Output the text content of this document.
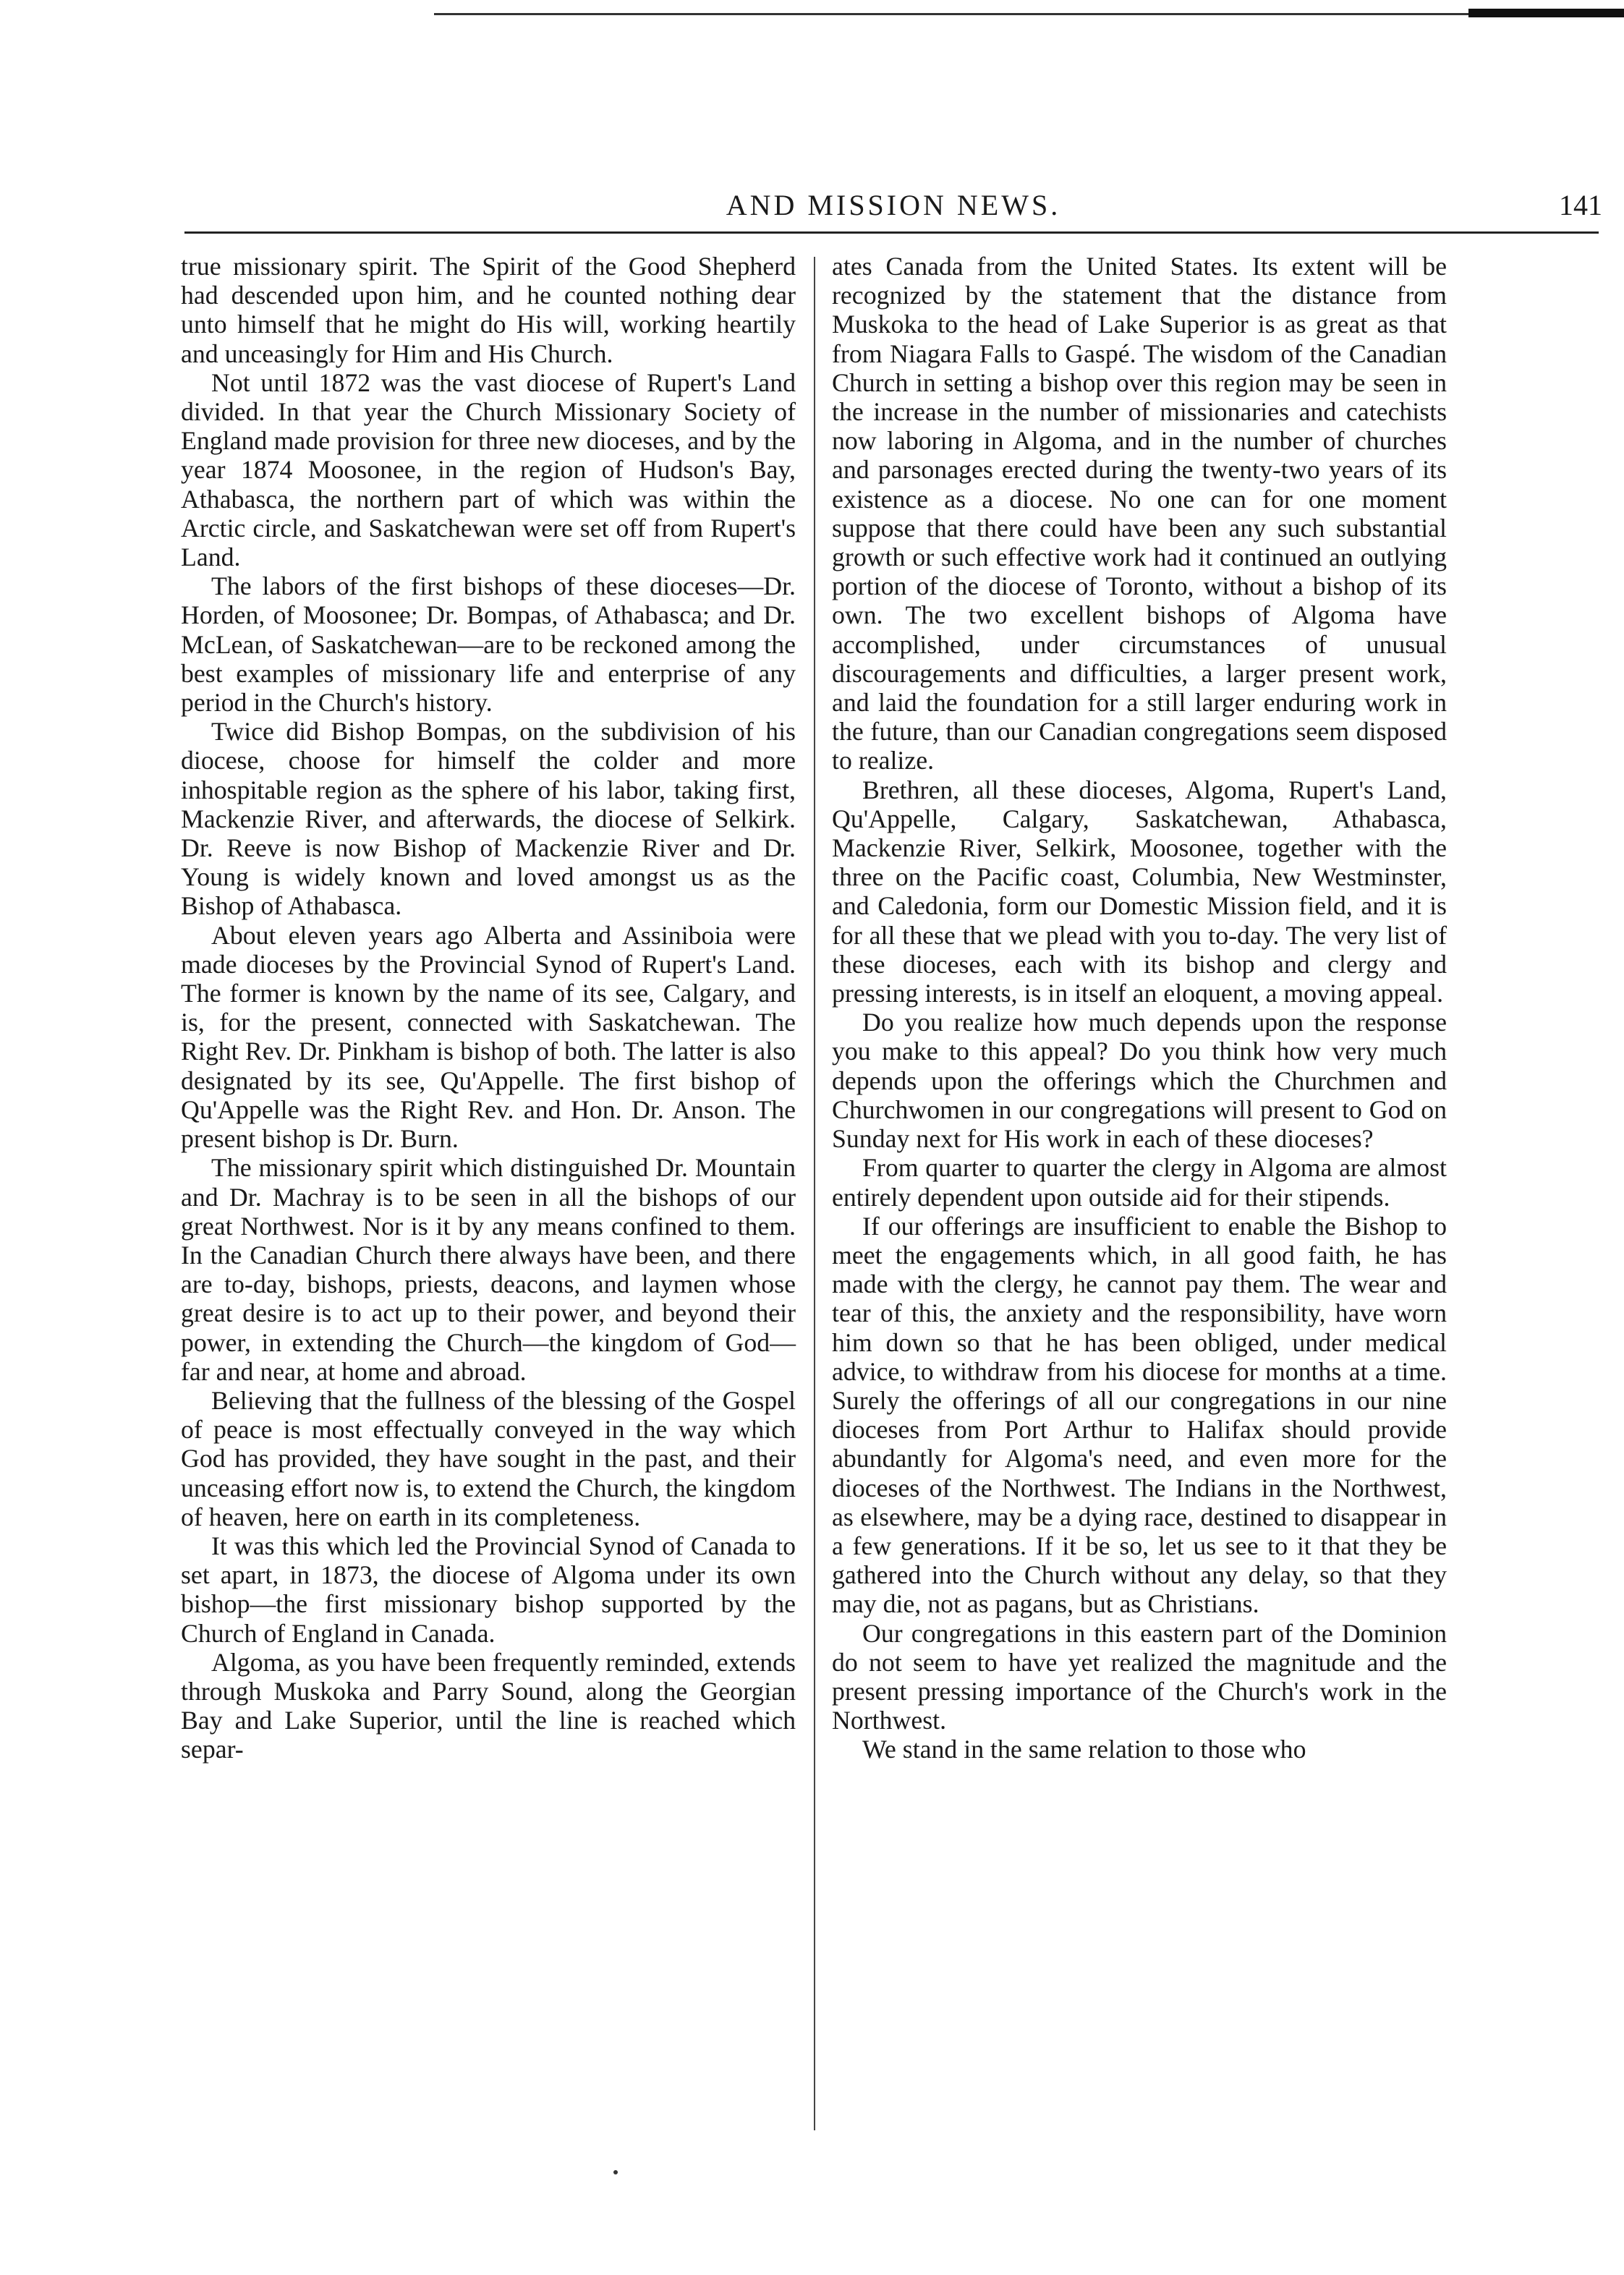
AND MISSION NEWS.	141

true missionary spirit. The Spirit of the Good Shepherd had descended upon him, and he counted nothing dear unto himself that he might do His will, working heartily and unceasingly for Him and His Church.

Not until 1872 was the vast diocese of Rupert's Land divided. In that year the Church Missionary Society of England made provision for three new dioceses, and by the year 1874 Moosonee, in the region of Hudson's Bay, Athabasca, the northern part of which was within the Arctic circle, and Saskatchewan were set off from Rupert's Land.

The labors of the first bishops of these dioceses—Dr. Horden, of Moosonee; Dr. Bompas, of Athabasca; and Dr. McLean, of Saskatchewan—are to be reckoned among the best examples of missionary life and enterprise of any period in the Church's history.

Twice did Bishop Bompas, on the subdivision of his diocese, choose for himself the colder and more inhospitable region as the sphere of his labor, taking first, Mackenzie River, and afterwards, the diocese of Selkirk. Dr. Reeve is now Bishop of Mackenzie River and Dr. Young is widely known and loved amongst us as the Bishop of Athabasca.

About eleven years ago Alberta and Assiniboia were made dioceses by the Provincial Synod of Rupert's Land. The former is known by the name of its see, Calgary, and is, for the present, connected with Saskatchewan. The Right Rev. Dr. Pinkham is bishop of both. The latter is also designated by its see, Qu'Appelle. The first bishop of Qu'Appelle was the Right Rev. and Hon. Dr. Anson. The present bishop is Dr. Burn.

The missionary spirit which distinguished Dr. Mountain and Dr. Machray is to be seen in all the bishops of our great Northwest. Nor is it by any means confined to them. In the Canadian Church there always have been, and there are to-day, bishops, priests, deacons, and laymen whose great desire is to act up to their power, and beyond their power, in extending the Church—the kingdom of God—far and near, at home and abroad.

Believing that the fullness of the blessing of the Gospel of peace is most effectually conveyed in the way which God has provided, they have sought in the past, and their unceasing effort now is, to extend the Church, the kingdom of heaven, here on earth in its completeness.

It was this which led the Provincial Synod of Canada to set apart, in 1873, the diocese of Algoma under its own bishop—the first missionary bishop supported by the Church of England in Canada.

Algoma, as you have been frequently reminded, extends through Muskoka and Parry Sound, along the Georgian Bay and Lake Superior, until the line is reached which separ-

ates Canada from the United States. Its extent will be recognized by the statement that the distance from Muskoka to the head of Lake Superior is as great as that from Niagara Falls to Gaspé. The wisdom of the Canadian Church in setting a bishop over this region may be seen in the increase in the number of missionaries and catechists now laboring in Algoma, and in the number of churches and parsonages erected during the twenty-two years of its existence as a diocese. No one can for one moment suppose that there could have been any such substantial growth or such effective work had it continued an outlying portion of the diocese of Toronto, without a bishop of its own. The two excellent bishops of Algoma have accomplished, under circumstances of unusual discouragements and difficulties, a larger present work, and laid the foundation for a still larger enduring work in the future, than our Canadian congregations seem disposed to realize.

Brethren, all these dioceses, Algoma, Rupert's Land, Qu'Appelle, Calgary, Saskatchewan, Athabasca, Mackenzie River, Selkirk, Moosonee, together with the three on the Pacific coast, Columbia, New Westminster, and Caledonia, form our Domestic Mission field, and it is for all these that we plead with you to-day. The very list of these dioceses, each with its bishop and clergy and pressing interests, is in itself an eloquent, a moving appeal.

Do you realize how much depends upon the response you make to this appeal? Do you think how very much depends upon the offerings which the Churchmen and Churchwomen in our congregations will present to God on Sunday next for His work in each of these dioceses?

From quarter to quarter the clergy in Algoma are almost entirely dependent upon outside aid for their stipends.

If our offerings are insufficient to enable the Bishop to meet the engagements which, in all good faith, he has made with the clergy, he cannot pay them. The wear and tear of this, the anxiety and the responsibility, have worn him down so that he has been obliged, under medical advice, to withdraw from his diocese for months at a time. Surely the offerings of all our congregations in our nine dioceses from Port Arthur to Halifax should provide abundantly for Algoma's need, and even more for the dioceses of the Northwest. The Indians in the Northwest, as elsewhere, may be a dying race, destined to disappear in a few generations. If it be so, let us see to it that they be gathered into the Church without any delay, so that they may die, not as pagans, but as Christians.

Our congregations in this eastern part of the Dominion do not seem to have yet realized the magnitude and the present pressing importance of the Church's work in the Northwest.

We stand in the same relation to those who
